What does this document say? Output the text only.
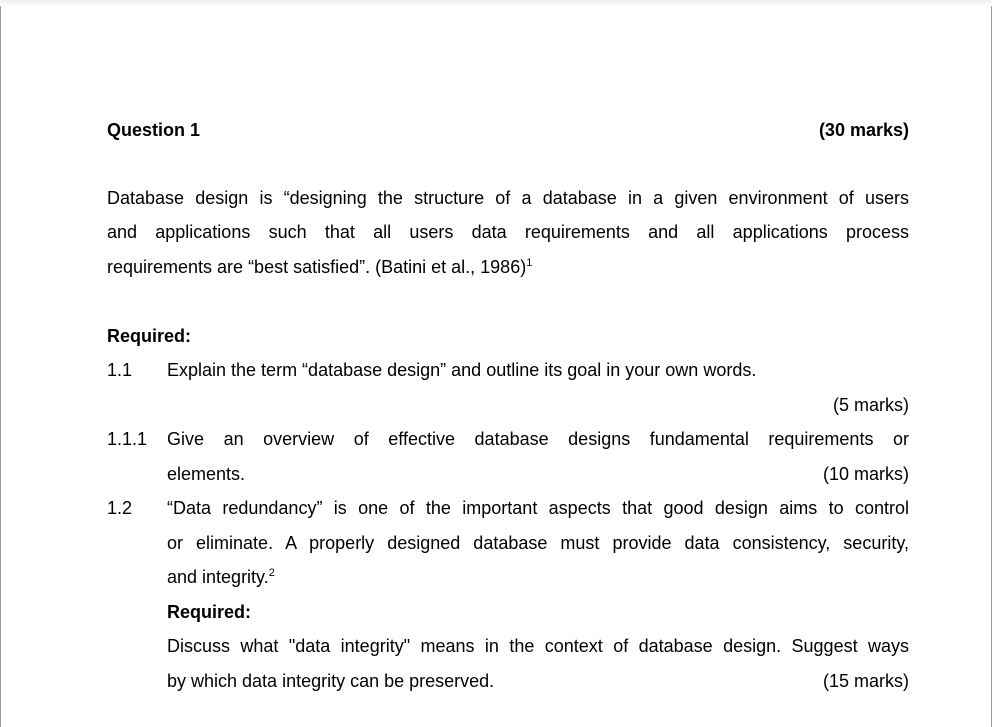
Question 1	(30 marks)
Database design is “designing the structure of a database in a given environment of users
and applications such that all users data requirements and all applications process
requirements are “best satisfied”. (Batini et al., 1986)$^1$
Required:
1.1 Explain the term “database design” and outline its goal in your own words.
(5 marks)
1.1.1 Give an overview of effective database designs fundamental requirements or
elements.	(10 marks)
1.2 “Data redundancy” is one of the important aspects that good design aims to control
or eliminate. A properly designed database must provide data consistency, security,
and integrity.$^2$
Required:
Discuss what "data integrity" means in the context of database design. Suggest ways
by which data integrity can be preserved.	(15 marks)
